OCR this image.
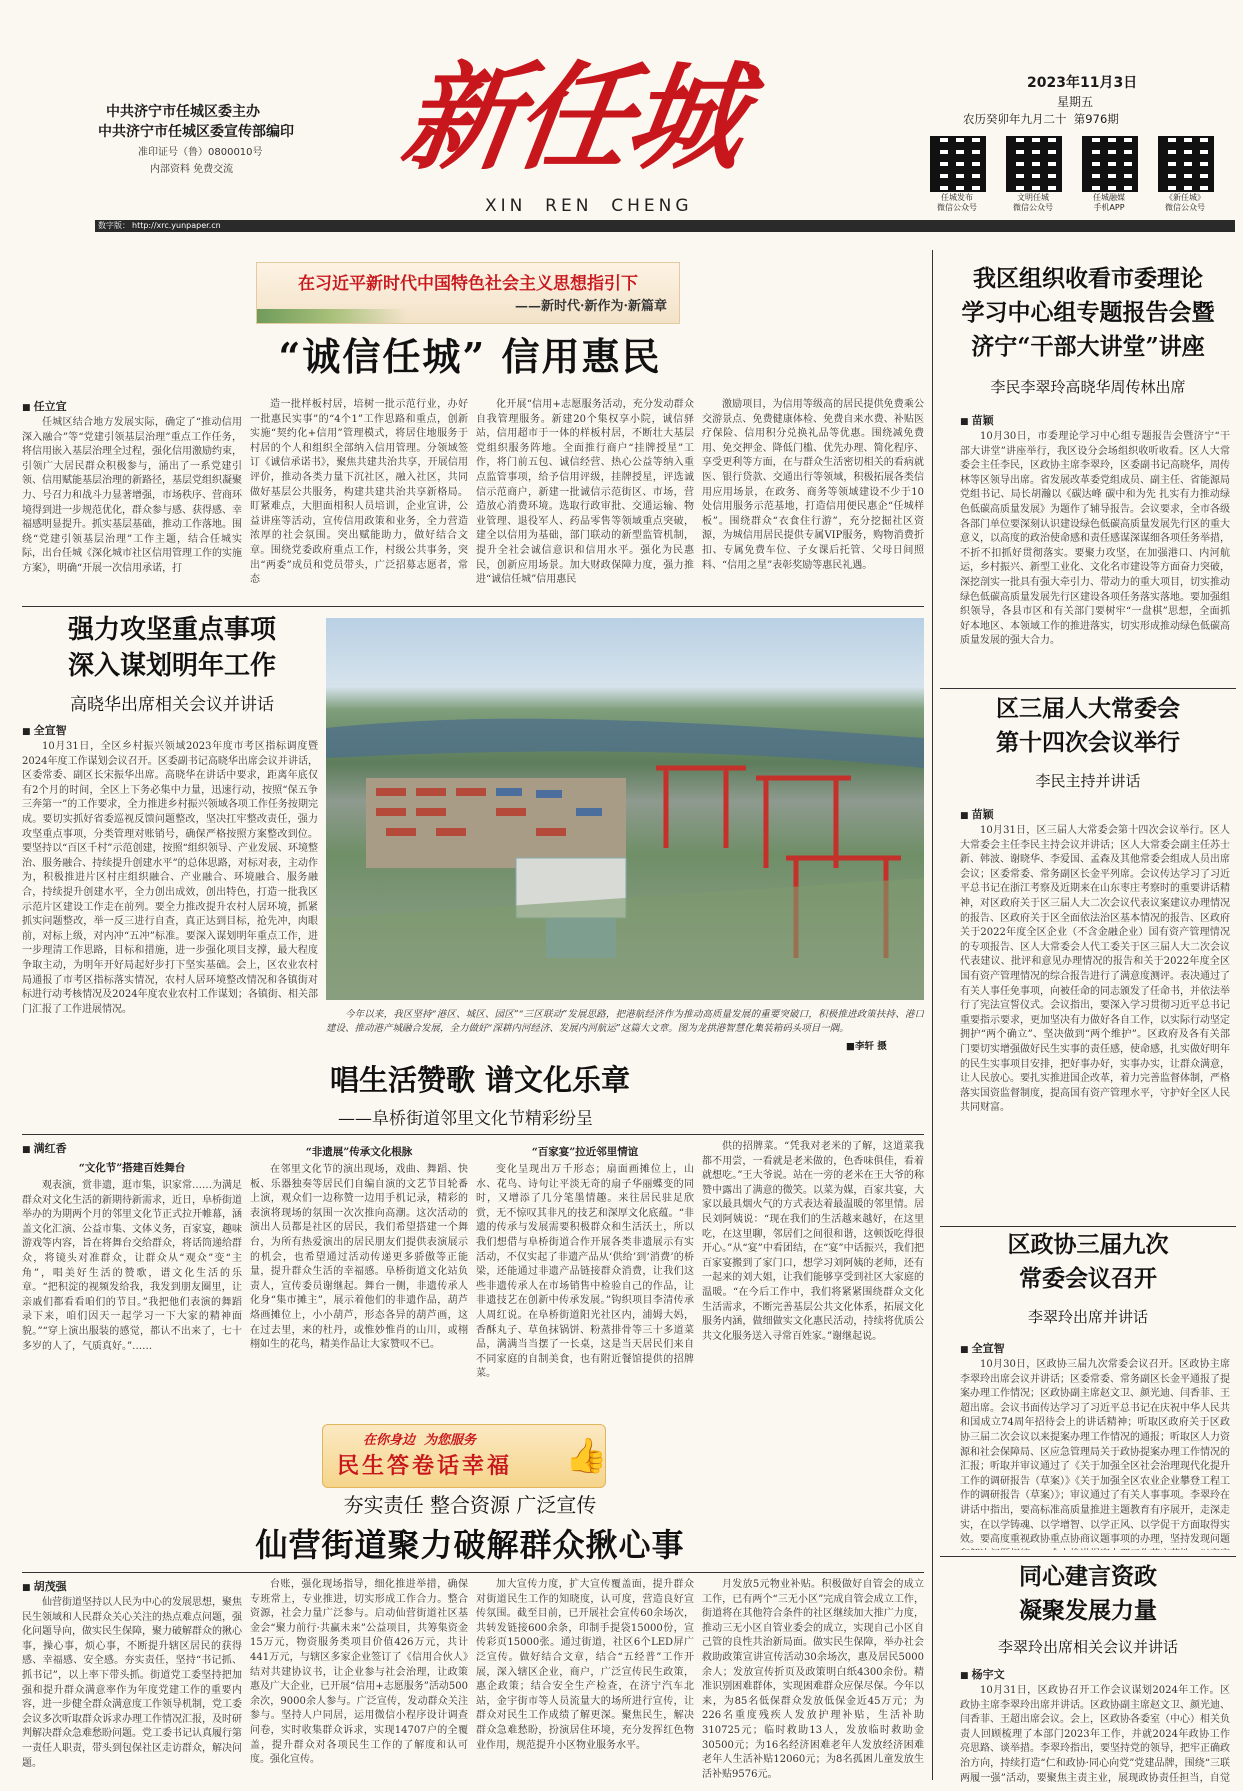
中共济宁市任城区委主办
中共济宁市任城区委宣传部编印
准印证号（鲁）0800010号
内部资料 免费交流 新任城
XIN  REN  CHENG
2023年11月3日
星期五
农历癸卯年九月二十  第976期
任城发布
微信公众号
文明任城
微信公众号
任城融媒
手机APP
《新任城》
微信公众号
数字版： http://xrc.yunpaper.cn
在习近平新时代中国特色社会主义思想指引下
——新时代·新作为·新篇章
“诚信任城” 信用惠民

■ 任立宜

任城区结合地方发展实际，确定了“推动信用深入融合”等“党建引领基层治理”重点工作任务，将信用嵌入基层治理全过程，强化信用激励约束，引领广大居民群众积极参与，涌出了一系党建引领、信用赋能基层治理的新路径，基层党组织凝聚力、号召力和战斗力显著增强，市场秩序、营商环境得到进一步规范优化，群众参与感、获得感、幸福感明显提升。抓实基层基础，推动工作落地。围绕“党建引领基层治理”工作主题，结合任城实际，出台任城《深化城市社区信用管理工作的实施方案》，明确“开展一次信用承诺，打

造一批样板村居，培树一批示范行业，办好一批惠民实事”的“4个1”工作思路和重点，创新实施“契约化+信用”管理模式，将居住地服务于村居的个人和组织全部纳入信用管理。分领域签订《诚信承诺书》，聚焦共建共治共享，开展信用评价，推动各类力量下沉社区，融入社区，共同做好基层公共服务，构建共建共治共享新格局。盯紧难点，大胆面相积人员培训，企业宣讲，公益讲座等活动，宣传信用政策和业务，全力营造浓厚的社会氛围。突出赋能助力，做好结合文章。围绕党委政府重点工作，村级公共事务，突出“两委”成员和党员带头，广泛招募志愿者，常态

化开展“信用+志愿服务活动，充分发动群众自我管理服务。新建20个集权享小院，诚信驿站，信用超市于一体的样板村居，不断壮大基层党组织服务阵地。全面推行商户“挂牌授星”工作，将门前五包、诚信经营、热心公益等纳入重点监管事项，给予信用评级，挂牌授星，评选诚信示范商户，新建一批诚信示范街区、市场，营造放心消费环境。选取行政审批、交通运输、物业管理、退役军人、药品零售等领域重点突破，建全以信用为基础，部门联动的新型监管机制，提升全社会诚信意识和信用水平。强化为民惠民，创新应用场景。加大财政保障力度，强力推进“诚信任城”信用惠民

激励项目，为信用等级高的居民提供免费乘公交游景点、免费健康体检、免费自来水费、补贴医疗保险、信用积分兑换礼品等优惠。围绕减免费用、免交押金、降低门槛、优先办理、简化程序、享受更利等方面，在与群众生活密切相关的看病就医、银行贷款、交通出行等领域，积极拓展各类信用应用场景，在政务、商务等领域建设不少于10处信用服务示范基地，打造信用便民惠企“任城样板”。围绕群众“衣食住行游”，充分挖掘社区资源，为城信用居民提供专属VIP服务，购物消费折扣、专属免费车位、子女课后托管、父母日间照料、“信用之星”表彰奖励等惠民礼遇。

强力攻坚重点事项
深入谋划明年工作
高晓华出席相关会议并讲话

■ 全宣智

10月31日，全区乡村振兴领域2023年度市考区指标调度暨2024年度工作谋划会议召开。区委副书记高晓华出席会议并讲话，区委常委、副区长宋振华出席。高晓华在讲话中要求，距离年底仅有2个月的时间，全区上下务必集中力量，迅速行动，按照“保五争三奔第一”的工作要求，全力推进乡村振兴领域各项工作任务按期完成。要切实抓好省委巡视反馈问题整改，坚决扛牢整改责任，强力攻坚重点事项，分类管理对账销号，确保严格按照方案整改到位。要坚持以“百区千村”示范创建，按照“组织领导、产业发展、环境整治、服务融合、持续提升创建水平”的总体思路，对标对表，主动作为，积极推进片区村庄组织融合、产业融合、环境融合、服务融合，持续提升创建水平，全力创出成效，创出特色，打造一批我区示范片区建设工作走在前列。要全力推改提升农村人居环境，抓紧抓实问题整改，举一反三进行自查，真正达到目标，抢先冲，肉眼前，对标上级，对内冲“五冲”标准。要深入谋划明年重点工作，进一步理清工作思路，目标和措施，进一步强化项目支撑，最大程度争取主动，为明年开好局起好步打下坚实基础。会上，区农业农村局通报了市考区指标落实情况，农村人居环境整改情况和各镇街对标进行动考核情况及2024年度农业农村工作谋划；各镇街、相关部门汇报了工作进展情况。	今年以来，我区坚持“港区、城区、园区”“三区联动”发展思路，把港航经济作为推动高质量发展的重要突破口，积极推进政策扶持、港口建设、推动港产城融合发展，全力做好“深耕内河经济、发展内河航运”这篇大文章。图为龙拱港智慧化集装箱码头项目一隅。

■李轩 摄
唱生活赞歌 谱文化乐章
——阜桥街道邻里文化节精彩纷呈

■ 满红香

“文化节”搭建百姓舞台

观表演，赏非遗，逛市集，识家常……为满足群众对文化生活的新期待新需求，近日，阜桥街道举办的为期两个月的邻里文化节正式拉开帷幕，涵盖文化汇演、公益市集、文体义务，百家宴，趣味游戏等内容，旨在将舞台交给群众，将话筒递给群众，将镜头对准群众，让群众从“观众”变“主角”，唱美好生活的赞歌，谱文化生活的乐章。“把积淀的视频发给我，我发到朋友圈里，让亲戚们都看看咱们的节目。”我把他们表演的舞蹈录下来，咱们因天一起学习一下大家的精神面貌。”“穿上演出服装的感觉，都认不出来了，七十多岁的人了，气质真好。”……

“非遗展”传承文化根脉

在邻里文化节的演出现场，戏曲、舞蹈、快板、乐器独奏等居民们自编自演的文艺节目轮番上演，观众们一边称赞一边用手机记录，精彩的表演将现场的氛围一次次推向高潮。这次活动的演出人员都是社区的居民，我们希望搭建一个舞台，为所有热爱演出的居民朋友们提供表演展示的机会，也希望通过活动传递更多骄傲等正能量，提升群众生活的幸福感。阜桥街道文化站负责人，宣传委员谢继起。舞台一侧，非遗传承人化身“集市摊主”，展示着他们的非遗作品，葫芦烙画摊位上，小小葫芦，形态各异的葫芦画，这在过去里，来的杜丹，或惟妙惟肖的山川，或栩栩如生的花鸟，精美作品让大家赞叹不已。

“百家宴”拉近邻里情谊

变化呈现出万千形态；扇面画摊位上，山水、花鸟、诗句让平淡无奇的扇子华丽蝶变的同时，又增添了几分笔墨情趣。来往居民驻足欣赏，无不惊叹其非凡的技艺和深厚文化底蕴。“非遗的传承与发展需要积极群众和生活沃土，所以我们想借与阜桥街道合作开展各类非遗展示有实活动，不仅实起了非遗产品从‘供给’到‘消费’的桥梁，还能通过非遗产品链接群众消费，让我们这些非遗传承人在市场销售中检验自己的作品，让非遗技艺在创新中传承发展。”钩织项目李清传承人周红说。在阜桥街道阳光社区内，浦姆大妈，香酥丸子、草鱼抹锅饼、粉蒸排骨等三十多道菜品，满满当当摆了一长桌，这是当天居民们来自不同家庭的自制美食，也有附近餐馆提供的招牌菜。

供的招牌菜。“凭我对老米的了解，这道菜我都不用尝，一看就是老米做的，色香味俱佳，看着就想吃。”王大爷说。站在一旁的老米在王大爷的称赞中露出了满意的微笑。以菜为媒，百家共宴，大家以最具烟火气的方式表达着最温暖的邻里情。居民刘阿姨说：“现在我们的生活越来越好，在这里吃，在这里聊，邻居们之间很和谐，这顿饭吃得很开心。”从“宴”中看团结，在“宴”中话振兴，我们把百家宴搬到了家门口，想学习刘阿姨的老师，还有一起来的刘大姐，让我们能够享受到社区大家庭的温暖。“在今后工作中，我们将紧紧围绕群众文化生活需求，不断完善基层公共文化体系，拓展文化服务内涵，做细做实文化惠民活动，持续将优质公共文化服务送入寻常百姓家。”谢继起说。

在你身边  为您服务
民生答卷话幸福 👍
夯实责任 整合资源 广泛宣传
仙营街道聚力破解群众揪心事

■ 胡茂强

仙营街道坚持以人民为中心的发展思想，聚焦民生领域和人民群众关心关注的热点难点问题，强化问题导向，做实民生保障，聚力破解群众的揪心事，操心事，烦心事，不断提升辖区居民的获得感、幸福感、安全感。夯实责任，坚持“书记抓、抓书记”，以上率下带头抓。街道党工委坚持把加强和提升群众满意率作为年度党建工作的重要内容，进一步健全群众满意度工作领导机制，党工委会议多次听取群众诉求办理工作情况汇报，及时研判解决群众急难愁盼问题。党工委书记认真履行第一责任人职责，带头到包保社区走访群众，解决问题。

台账，强化现场指导，细化推进举措，确保专班常上，专业推进，切实形成工作合力。整合资源，社会力量广泛参与。启动仙营街道社区基金会“聚力前行·共赢未来”公益项目，共筹集资金15万元，物资服务类项目价值426万元，共计441万元，与辖区多家企业签订了《信用合伙人》结对共建协议书，让企业参与社会治理，让政策惠及广大企业，已开展“信用+志愿服务”活动500余次，9000余人参与。广泛宣传，发动群众关注参与。坚持人户同居，运用微信小程序设计调查问卷，实时收集群众诉求，实现14707户的全覆盖，提升群众对各项民生工作的了解度和认可度。强化宣传。

加大宣传力度，扩大宣传覆盖面，提升群众对街道民生工作的知晓度，认可度，营造良好宣传氛围。截至目前，已开展社会宣传60余场次，共转发链接600余条，印制手提袋15000份，宣传彩页15000张。通过街道，社区6个LED屏广泛宣传。做好结合文章，结合“五经普”工作开展，深入辖区企业，商户，广泛宣传民生政策，惠企政策；结合安全生产检查，在济宁汽车北站，金宇街市等人员流量大的场所进行宣传，让群众对民生工作成绩了解更深。聚焦民生，解决群众急难愁盼，扮演居住环境，充分发挥红色物业作用，规范提升小区物业服务水平。

月发放5元物业补贴。积极做好自管会的成立工作，已有两个“三无小区”完成自管会成立工作，街道将在其他符合条件的社区继续加大推广力度，推动三无小区自管业委会的成立，实现自己小区自己管的良性共治新局面。做实民生保障，举办社会救助政策宣讲宣传活动30余场次，惠及居民5000余人；发放宣传折页及政策明白纸4300余份。精准识别困难群体，实现困难群众应保尽保。今年以来，为85名低保群众发放低保金近45万元；为226名重度残疾人发放护理补贴，生活补助310725元；临时救助13人，发放临时救助金30500元；为16名经济困难老年人发放经济困难老年人生活补贴12060元；为8名孤困儿童发放生活补贴9576元。

我区组织收看市委理论
学习中心组专题报告会暨
济宁“干部大讲堂”讲座
李民李翠玲高晓华周传林出席

■ 苗颖

10月30日，市委理论学习中心组专题报告会暨济宁“干部大讲堂”讲座举行，我区设分会场组织收听收看。区人大常委会主任李民，区政协主席李翠玲，区委副书记高晓华，周传林等区领导出席。省发展改革委党组成员、副主任、省能源局党组书记、局长胡瀚以《碳达峰 碳中和为先 扎实有力推动绿色低碳高质量发展》为题作了辅导报告。会议要求，全市各级各部门单位要深刻认识建设绿色低碳高质量发展先行区的重大意义，以高度的政治使命感和责任感谋深谋细各项任务举措，不折不扣抓好贯彻落实。要聚力攻坚，在加强港口、内河航运，乡村振兴、新型工业化、文化名市建设等方面奋力突破，深挖剖实一批具有强大牵引力、带动力的重大项目，切实推动绿色低碳高质量发展先行区建设各项任务落实落地。要加强组织领导，各县市区和有关部门要树牢“一盘棋”思想，全面抓好本地区、本领域工作的推进落实，切实形成推动绿色低碳高质量发展的强大合力。

区三届人大常委会
第十四次会议举行
李民主持并讲话

■ 苗颖

10月31日，区三届人大常委会第十四次会议举行。区人大常委会主任李民主持会议并讲话；区人大常委会副主任苏士新、韩波、谢晓华、李爱国、孟森及其他常委会组成人员出席会议；区委常委、常务副区长金平列席。会议传达学习了习近平总书记在浙江考察及近期来在山东枣庄考察时的重要讲话精神，对区政府关于区三届人大二次会议代表议案建议办理情况的报告、区政府关于区全面依法治区基本情况的报告、区政府关于2022年度全区企业（不含金融企业）国有资产管理情况的专项报告、区人大常委会人代工委关于区三届人大二次会议代表建议、批评和意见办理情况的报告和关于2022年度全区国有资产管理情况的综合报告进行了满意度测评。表决通过了有关人事任免事项，向被任命的同志颁发了任命书，并依法举行了宪法宣誓仪式。会议指出，要深入学习贯彻习近平总书记重要指示要求，更加坚决有力做好各自工作，以实际行动坚定拥护“两个确立”、坚决做到“两个维护”。区政府及各有关部门要切实增强做好民生实事的责任感，使命感，扎实做好明年的民生实事项目安排，把好事办好，实事办实，让群众满意，让人民放心。要扎实推进国企改革，着力完善监督体制，严格落实国资监督制度，提高国有资产管理水平，守护好全区人民共同财富。

区政协三届九次
常委会议召开
李翠玲出席并讲话

■ 全宣智

10月30日，区政协三届九次常委会议召开。区政协主席李翠玲出席会议并讲话；区委常委、常务副区长金平通报了提案办理工作情况；区政协副主席赵文卫、颜光迪、闫香菲、王超出席。会议书面传达学习了习近平总书记在庆祝中华人民共和国成立74周年招待会上的讲话精神；听取区政府关于区政协三届二次会议以来提案办理工作情况的通报；听取区人力资源和社会保障局、区应急管理局关于政协提案办理工作情况的汇报；听取并审议通过了《关于加强全区社会治理现代化提升工作的调研报告（草案）》《关于加强全区农业企业攀登工程工作的调研报告（草案）》；审议通过了有关人事事项。李翠玲在讲话中指出，要高标准高质量推进主题教育有序展开，走深走实，在以学铸魂、以学增智、以学正风、以学促干方面取得实效。要高度重视政协重点协商议题事项的办理，坚持发现问题

同心建言资政
凝聚发展力量
李翠玲出席相关会议并讲话

■ 杨宇文

10月31日，区政协召开工作会议谋划2024年工作。区政协主席李翠玲出席并讲话。区政协副主席赵文卫、颜光迪、闫香菲、王超出席会议。会上，区政协各委室（中心）相关负责人回顾梳理了本部门2023年工作，并就2024年政协工作亮思路、谈举措。李翠玲指出，要坚持党的领导，把牢正确政治方向，持续打造“仁和政协·同心向党”党建品牌，围绕“三联两履一强”活动，要聚焦主责主业，展现政协责任担当，自觉
